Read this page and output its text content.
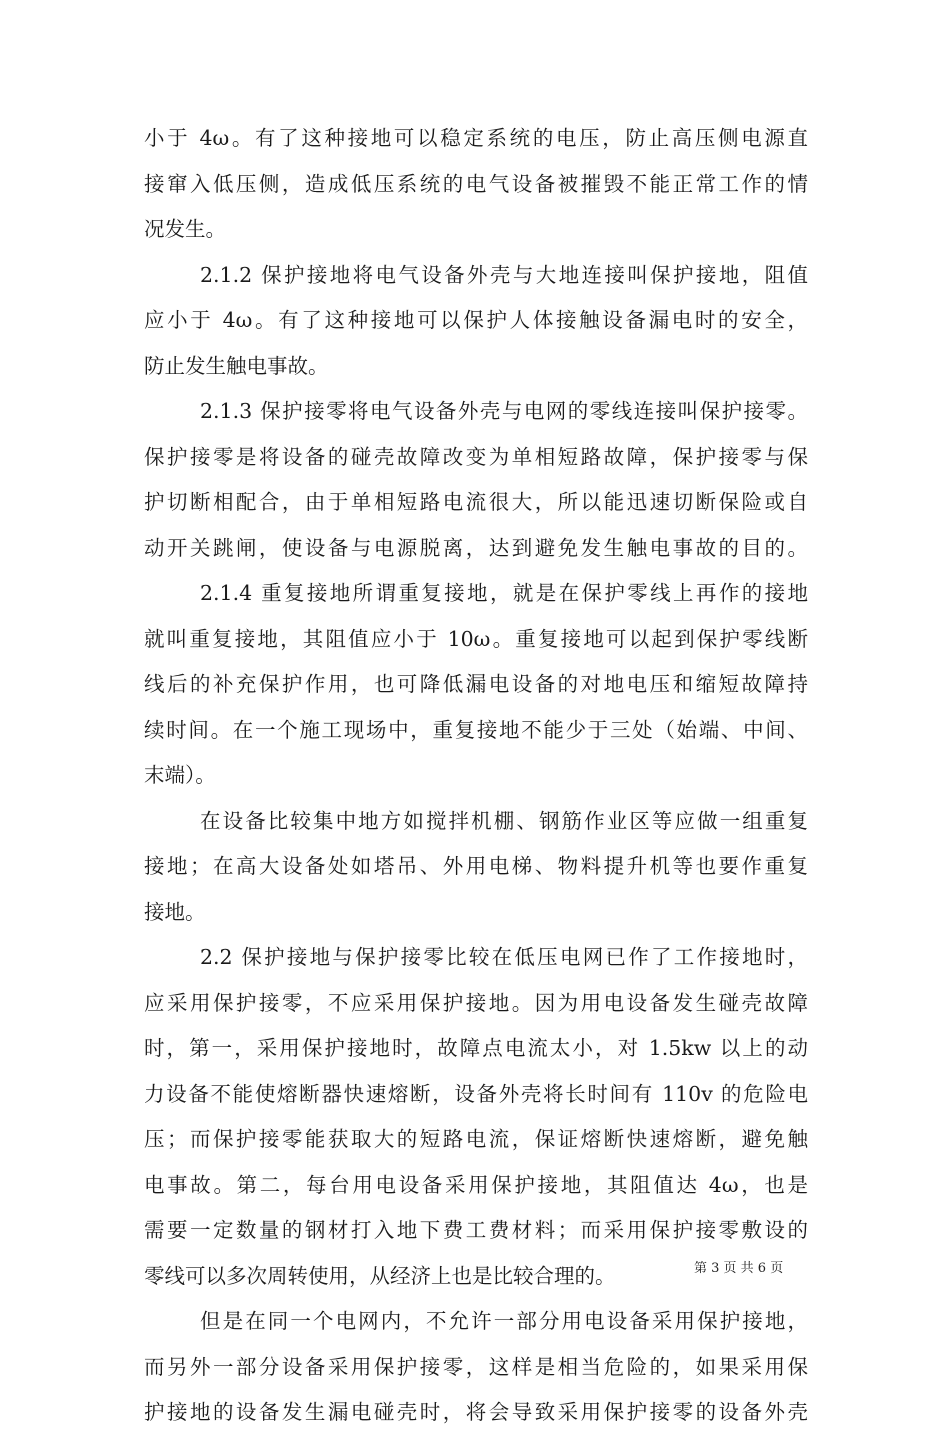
小于 4ω。有了这种接地可以稳定系统的电压，防止高压侧电源直
接窜入低压侧，造成低压系统的电气设备被摧毁不能正常工作的情
况发生。
2.1.2 保护接地将电气设备外壳与大地连接叫保护接地，阻值
应小于 4ω。有了这种接地可以保护人体接触设备漏电时的安全，
防止发生触电事故。
2.1.3 保护接零将电气设备外壳与电网的零线连接叫保护接零。
保护接零是将设备的碰壳故障改变为单相短路故障，保护接零与保
护切断相配合，由于单相短路电流很大，所以能迅速切断保险或自
动开关跳闸，使设备与电源脱离，达到避免发生触电事故的目的。
2.1.4 重复接地所谓重复接地，就是在保护零线上再作的接地
就叫重复接地，其阻值应小于 10ω。重复接地可以起到保护零线断
线后的补充保护作用，也可降低漏电设备的对地电压和缩短故障持
续时间。在一个施工现场中，重复接地不能少于三处（始端、中间、
末端）。
在设备比较集中地方如搅拌机棚、钢筋作业区等应做一组重复
接地；在高大设备处如塔吊、外用电梯、物料提升机等也要作重复
接地。
2.2 保护接地与保护接零比较在低压电网已作了工作接地时，
应采用保护接零，不应采用保护接地。因为用电设备发生碰壳故障
时，第一，采用保护接地时，故障点电流太小，对 1.5kw 以上的动
力设备不能使熔断器快速熔断，设备外壳将长时间有 110v 的危险电
压；而保护接零能获取大的短路电流，保证熔断快速熔断，避免触
电事故。第二，每台用电设备采用保护接地，其阻值达 4ω，也是
需要一定数量的钢材打入地下费工费材料；而采用保护接零敷设的
零线可以多次周转使用，从经济上也是比较合理的。
但是在同一个电网内，不允许一部分用电设备采用保护接地，
而另外一部分设备采用保护接零，这样是相当危险的，如果采用保
护接地的设备发生漏电碰壳时，将会导致采用保护接零的设备外壳
第 3 页 共 6 页
